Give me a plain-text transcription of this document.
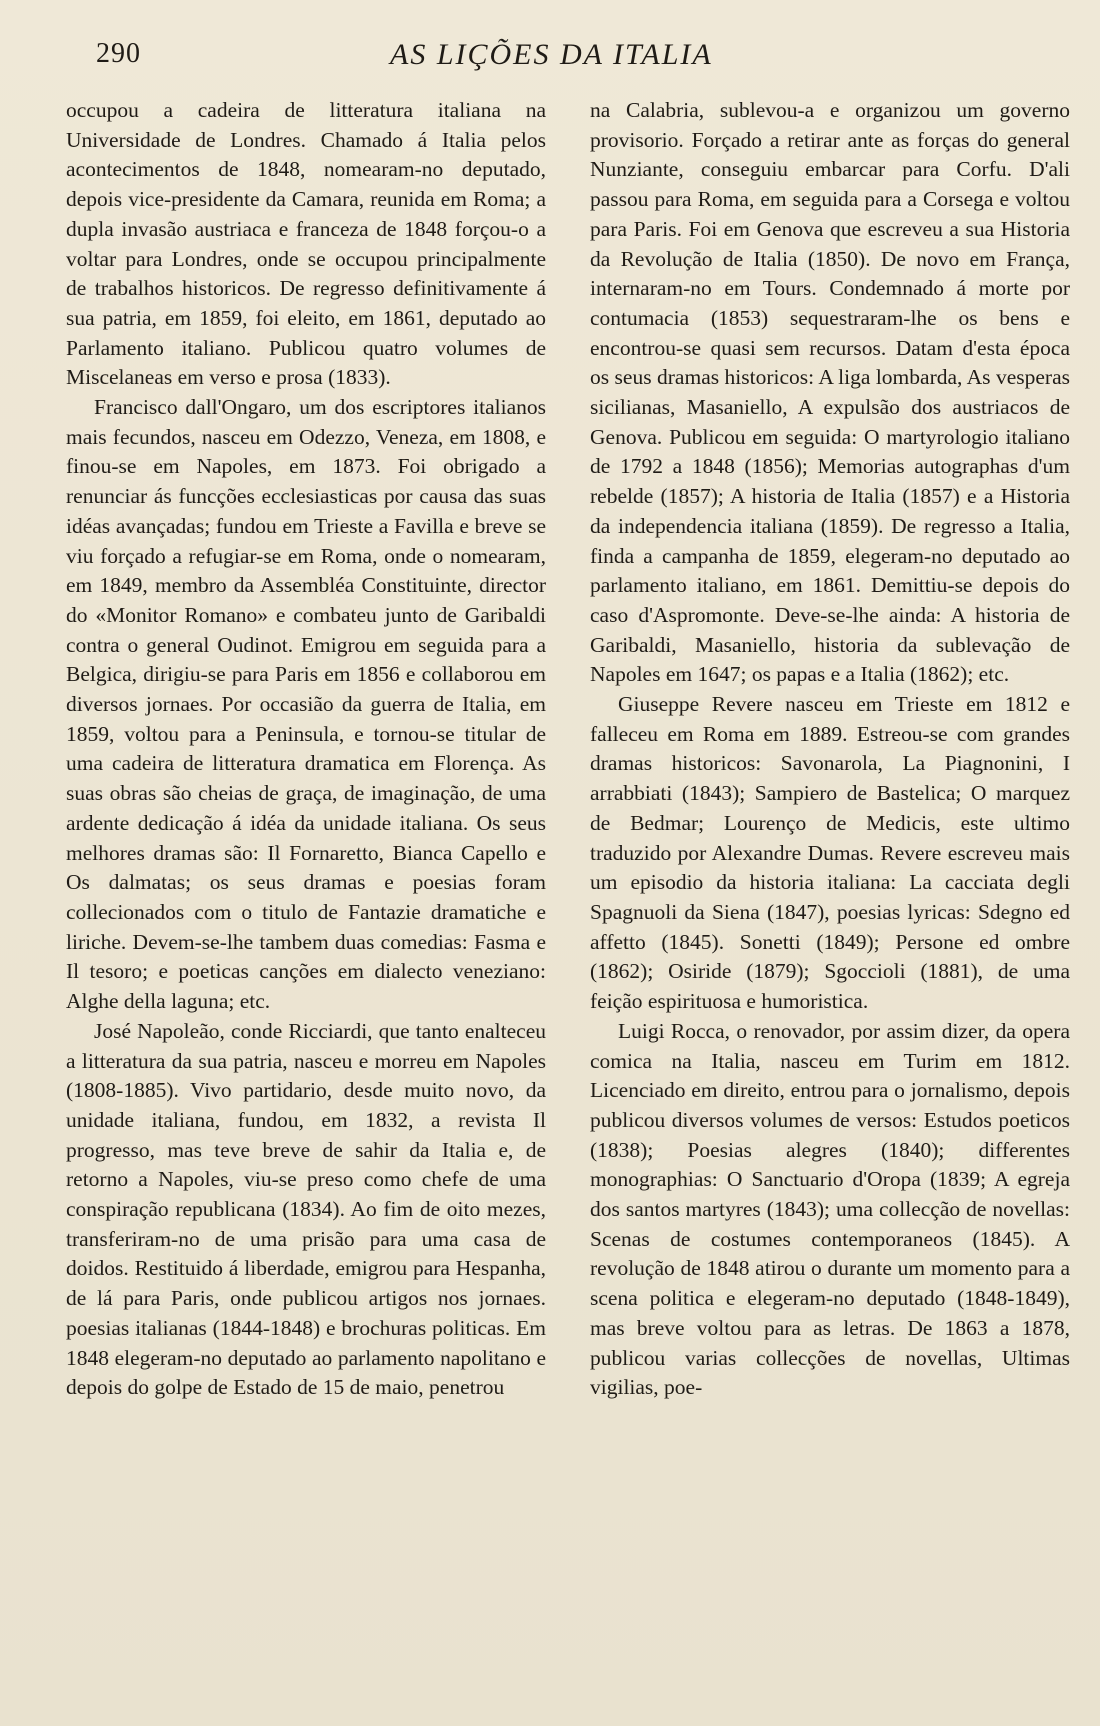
290	AS LIÇÕES DA ITALIA

occupou a cadeira de litteratura italiana na Universidade de Londres. Chamado á Italia pelos acontecimentos de 1848, nomearam-no deputado, depois vice-presidente da Camara, reunida em Roma; a dupla invasão austriaca e franceza de 1848 forçou-o a voltar para Londres, onde se occupou principalmente de trabalhos historicos. De regresso definitivamente á sua patria, em 1859, foi eleito, em 1861, deputado ao Parlamento italiano. Publicou quatro volumes de Miscelaneas em verso e prosa (1833).

Francisco dall'Ongaro, um dos escriptores italianos mais fecundos, nasceu em Odezzo, Veneza, em 1808, e finou-se em Napoles, em 1873. Foi obrigado a renunciar ás funcções ecclesiasticas por causa das suas idéas avançadas; fundou em Trieste a Favilla e breve se viu forçado a refugiar-se em Roma, onde o nomearam, em 1849, membro da Assembléa Constituinte, director do «Monitor Romano» e combateu junto de Garibaldi contra o general Oudinot. Emigrou em seguida para a Belgica, dirigiu-se para Paris em 1856 e collaborou em diversos jornaes. Por occasião da guerra de Italia, em 1859, voltou para a Peninsula, e tornou-se titular de uma cadeira de litteratura dramatica em Florença. As suas obras são cheias de graça, de imaginação, de uma ardente dedicação á idéa da unidade italiana. Os seus melhores dramas são: Il Fornaretto, Bianca Capello e Os dalmatas; os seus dramas e poesias foram collecionados com o titulo de Fantazie dramatiche e liriche. Devem-se-lhe tambem duas comedias: Fasma e Il tesoro; e poeticas canções em dialecto veneziano: Alghe della laguna; etc.

José Napoleão, conde Ricciardi, que tanto enalteceu a litteratura da sua patria, nasceu e morreu em Napoles (1808-1885). Vivo partidario, desde muito novo, da unidade italiana, fundou, em 1832, a revista Il progresso, mas teve breve de sahir da Italia e, de retorno a Napoles, viu-se preso como chefe de uma conspiração republicana (1834). Ao fim de oito mezes, transferiram-no de uma prisão para uma casa de doidos. Restituido á liberdade, emigrou para Hespanha, de lá para Paris, onde publicou artigos nos jornaes. poesias italianas (1844-1848) e brochuras politicas. Em 1848 elegeram-no deputado ao parlamento napolitano e depois do golpe de Estado de 15 de maio, penetrou

na Calabria, sublevou-a e organizou um governo provisorio. Forçado a retirar ante as forças do general Nunziante, conseguiu embarcar para Corfu. D'ali passou para Roma, em seguida para a Corsega e voltou para Paris. Foi em Genova que escreveu a sua Historia da Revolução de Italia (1850). De novo em França, internaram-no em Tours. Condemnado á morte por contumacia (1853) sequestraram-lhe os bens e encontrou-se quasi sem recursos. Datam d'esta época os seus dramas historicos: A liga lombarda, As vesperas sicilianas, Masaniello, A expulsão dos austriacos de Genova. Publicou em seguida: O martyrologio italiano de 1792 a 1848 (1856); Memorias autographas d'um rebelde (1857); A historia de Italia (1857) e a Historia da independencia italiana (1859). De regresso a Italia, finda a campanha de 1859, elegeram-no deputado ao parlamento italiano, em 1861. Demittiu-se depois do caso d'Aspromonte. Deve-se-lhe ainda: A historia de Garibaldi, Masaniello, historia da sublevação de Napoles em 1647; os papas e a Italia (1862); etc.

Giuseppe Revere nasceu em Trieste em 1812 e falleceu em Roma em 1889. Estreou-se com grandes dramas historicos: Savonarola, La Piagnonini, I arrabbiati (1843); Sampiero de Bastelica; O marquez de Bedmar; Lourenço de Medicis, este ultimo traduzido por Alexandre Dumas. Revere escreveu mais um episodio da historia italiana: La cacciata degli Spagnuoli da Siena (1847), poesias lyricas: Sdegno ed affetto (1845). Sonetti (1849); Persone ed ombre (1862); Osiride (1879); Sgoccioli (1881), de uma feição espirituosa e humoristica.

Luigi Rocca, o renovador, por assim dizer, da opera comica na Italia, nasceu em Turim em 1812. Licenciado em direito, entrou para o jornalismo, depois publicou diversos volumes de versos: Estudos poeticos (1838); Poesias alegres (1840); differentes monographias: O Sanctuario d'Oropa (1839; A egreja dos santos martyres (1843); uma collecção de novellas: Scenas de costumes contemporaneos (1845). A revolução de 1848 atirou o durante um momento para a scena politica e elegeram-no deputado (1848-1849), mas breve voltou para as letras. De 1863 a 1878, publicou varias collecções de novellas, Ultimas vigilias, poe-
